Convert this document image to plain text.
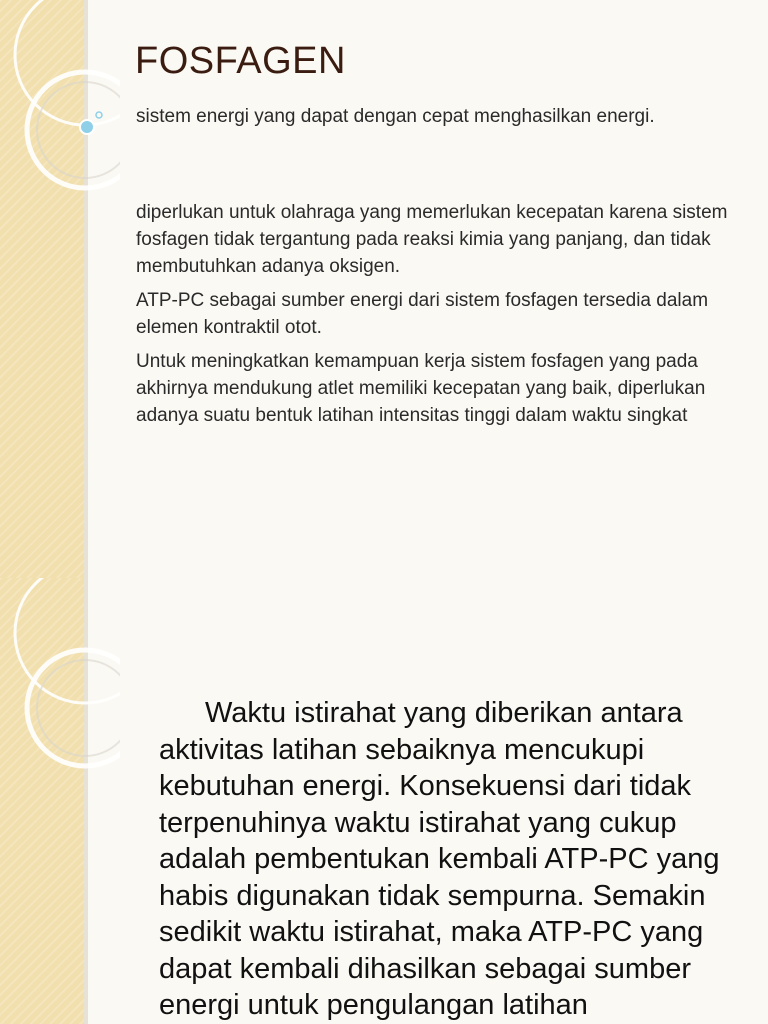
FOSFAGEN

sistem energi yang dapat dengan cepat menghasilkan energi.

diperlukan untuk olahraga yang memerlukan kecepatan karena sistem fosfagen tidak tergantung pada reaksi kimia yang panjang, dan tidak membutuhkan adanya oksigen.

ATP-PC sebagai sumber energi dari sistem fosfagen tersedia dalam elemen kontraktil otot.

Untuk meningkatkan kemampuan kerja sistem fosfagen yang pada akhirnya mendukung atlet memiliki kecepatan yang baik, diperlukan adanya suatu bentuk latihan intensitas tinggi dalam waktu singkat

Waktu istirahat yang diberikan antara aktivitas latihan sebaiknya mencukupi kebutuhan energi. Konsekuensi dari tidak terpenuhinya waktu istirahat yang cukup adalah pembentukan kembali ATP-PC yang habis digunakan tidak sempurna. Semakin sedikit waktu istirahat, maka ATP-PC yang dapat kembali dihasilkan sebagai sumber energi untuk pengulangan latihan
